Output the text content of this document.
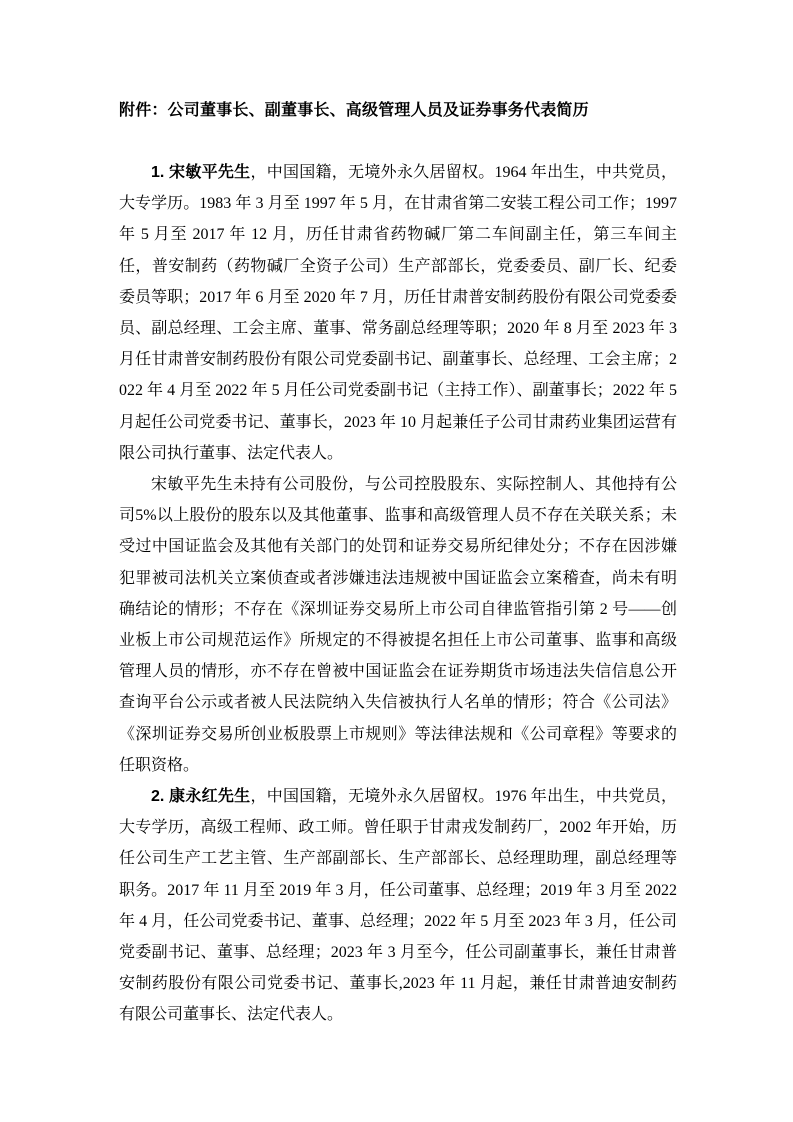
附件：公司董事长、副董事长、高级管理人员及证券事务代表简历

1. 宋敏平先生，中国国籍，无境外永久居留权。1964 年出生，中共党员，大专学历。1983 年 3 月至 1997 年 5 月，在甘肃省第二安装工程公司工作；1997 年 5 月至 2017 年 12 月，历任甘肃省药物碱厂第二车间副主任，第三车间主任，普安制药（药物碱厂全资子公司）生产部部长，党委委员、副厂长、纪委委员等职；2017 年 6 月至 2020 年 7 月，历任甘肃普安制药股份有限公司党委委员、副总经理、工会主席、董事、常务副总经理等职；2020 年 8 月至 2023 年 3 月任甘肃普安制药股份有限公司党委副书记、副董事长、总经理、工会主席；2022 年 4 月至 2022 年 5 月任公司党委副书记（主持工作）、副董事长；2022 年 5 月起任公司党委书记、董事长，2023 年 10 月起兼任子公司甘肃药业集团运营有限公司执行董事、法定代表人。

宋敏平先生未持有公司股份，与公司控股股东、实际控制人、其他持有公司5%以上股份的股东以及其他董事、监事和高级管理人员不存在关联关系；未受过中国证监会及其他有关部门的处罚和证券交易所纪律处分；不存在因涉嫌犯罪被司法机关立案侦查或者涉嫌违法违规被中国证监会立案稽查，尚未有明确结论的情形；不存在《深圳证券交易所上市公司自律监管指引第 2 号——创业板上市公司规范运作》所规定的不得被提名担任上市公司董事、监事和高级管理人员的情形，亦不存在曾被中国证监会在证券期货市场违法失信信息公开查询平台公示或者被人民法院纳入失信被执行人名单的情形；符合《公司法》《深圳证券交易所创业板股票上市规则》等法律法规和《公司章程》等要求的任职资格。

2. 康永红先生，中国国籍，无境外永久居留权。1976 年出生，中共党员，大专学历，高级工程师、政工师。曾任职于甘肃戎发制药厂，2002 年开始，历任公司生产工艺主管、生产部副部长、生产部部长、总经理助理，副总经理等职务。2017 年 11 月至 2019 年 3 月，任公司董事、总经理；2019 年 3 月至 2022 年 4 月，任公司党委书记、董事、总经理；2022 年 5 月至 2023 年 3 月，任公司党委副书记、董事、总经理；2023 年 3 月至今，任公司副董事长，兼任甘肃普安制药股份有限公司党委书记、董事长,2023 年 11 月起，兼任甘肃普迪安制药有限公司董事长、法定代表人。
